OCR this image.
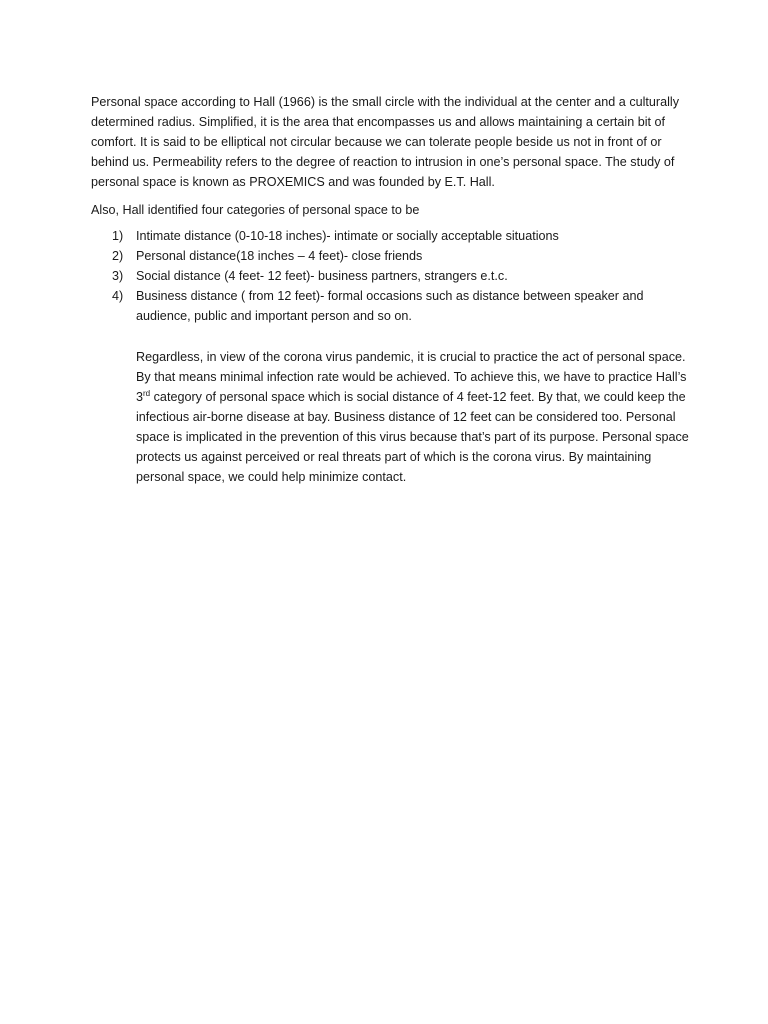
Personal space according to Hall (1966) is the small circle with the individual at the center and a culturally determined radius. Simplified, it is the area that encompasses us and allows maintaining a certain bit of comfort. It is said to be elliptical not circular because we can tolerate people beside us not in front of or behind us. Permeability refers to the degree of reaction to intrusion in one’s personal space. The study of personal space is known as PROXEMICS and was founded by E.T. Hall.

Also, Hall identified four categories of personal space to be

1) Intimate distance (0-10-18 inches)- intimate or socially acceptable situations
2) Personal distance(18 inches – 4 feet)- close friends
3) Social distance (4 feet- 12 feet)- business partners, strangers e.t.c.
4) Business distance ( from 12 feet)- formal occasions such as distance between speaker and audience, public and important person and so on.

Regardless, in view of the corona virus pandemic, it is crucial to practice the act of personal space. By that means minimal infection rate would be achieved. To achieve this, we have to practice Hall’s 3rd category of personal space which is social distance of 4 feet-12 feet. By that, we could keep the infectious air-borne disease at bay. Business distance of 12 feet can be considered too. Personal space is implicated in the prevention of this virus because that’s part of its purpose. Personal space protects us against perceived or real threats part of which is the corona virus. By maintaining personal space, we could help minimize contact.
